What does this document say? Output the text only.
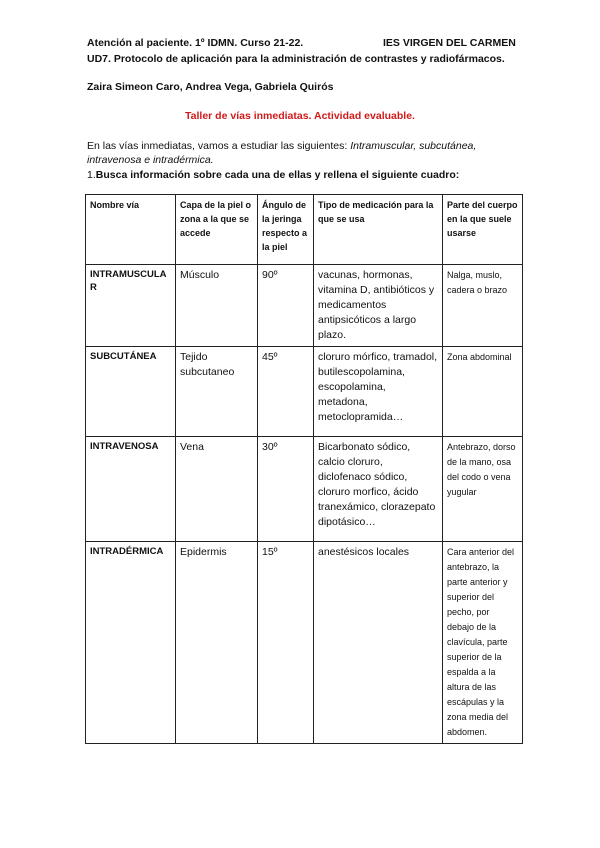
Atención al paciente. 1º IDMN. Curso 21-22.	IES VIRGEN DEL CARMEN
UD7. Protocolo de aplicación para la administración de contrastes y radiofármacos.
Zaira Simeon Caro, Andrea Vega, Gabriela Quirós
Taller de vías inmediatas. Actividad evaluable.
En las vías inmediatas, vamos a estudiar las siguientes: Intramuscular, subcutánea, intravenosa e intradérmica.
1.Busca información sobre cada una de ellas y rellena el siguiente cuadro:
Nombre vía	Capa de la piel o zona a la que se accede	Ángulo de la jeringa respecto a la piel	Tipo de medicación para la que se usa	Parte del cuerpo en la que suele usarse
INTRAMUSCULAR	Músculo	90º	vacunas, hormonas, vitamina D, antibióticos y medicamentos antipsicóticos a largo plazo.	Nalga, muslo, cadera o brazo
SUBCUTÁNEA	Tejido subcutaneo	45º	cloruro mórfico, tramadol, butilescopolamina, escopolamina, metadona, metoclopramida…	Zona abdominal
INTRAVENOSA	Vena	30º	Bicarbonato sódico, calcio cloruro, diclofenaco sódico, cloruro morfico, ácido tranexámico, clorazepato dipotásico…	Antebrazo, dorso de la mano, osa del codo o vena yugular
INTRADÉRMICA	Epidermis	15º	anestésicos locales	Cara anterior del antebrazo, la parte anterior y superior del pecho, por debajo de la clavícula, parte superior de la espalda a la altura de las escápulas y la zona media del abdomen.
